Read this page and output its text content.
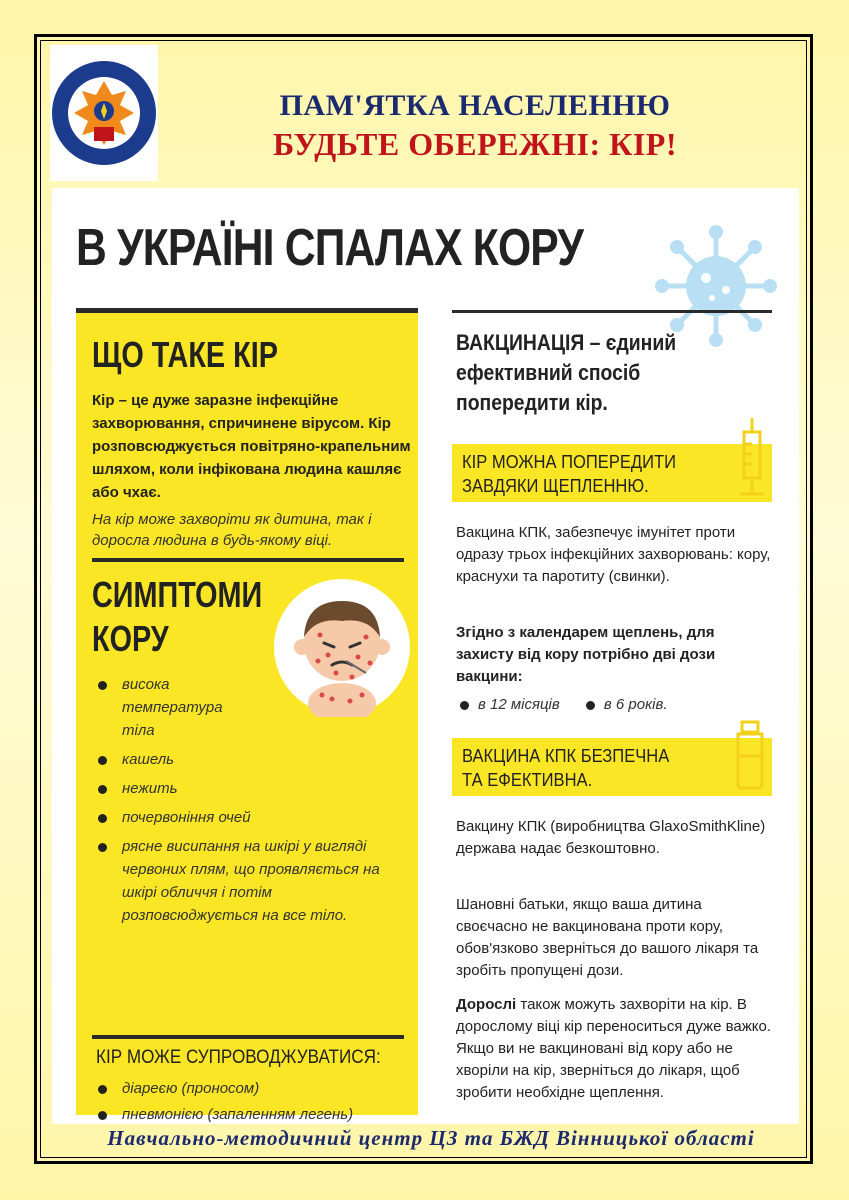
ПАМ'ЯТКА НАСЕЛЕННЮ
БУДЬТЕ ОБЕРЕЖНІ: КІР!
В УКРАЇНІ СПАЛАХ КОРУ
ЩО ТАКЕ КІР
Кір – це дуже заразне інфекційне захворювання, спричинене вірусом. Кір розповсюджується повітряно-крапельним шляхом, коли інфікована людина кашляє або чхає.
На кір може захворіти як дитина, так і доросла людина в будь-якому віці.
СИМПТОМИ
КОРУ
висока температура тіла
кашель
нежить
почервоніння очей
рясне висипання на шкірі у вигляді червоних плям, що проявляється на шкірі обличчя і потім розповсюджується на все тіло.
КІР МОЖЕ СУПРОВОДЖУВАТИСЯ:
діареєю (проносом)
пневмонією (запаленням легень)
ВАКЦИНАЦІЯ – єдиний ефективний спосіб попередити кір.
КІР МОЖНА ПОПЕРЕДИТИ
ЗАВДЯКИ ЩЕПЛЕННЮ.
Вакцина КПК, забезпечує імунітет проти одразу трьох інфекційних захворювань: кору, краснухи та паротиту (свинки).
Згідно з календарем щеплень, для захисту від кору потрібно дві дози вакцини:
в 12 місяців	в 6 років.
ВАКЦИНА КПК БЕЗПЕЧНА
ТА ЕФЕКТИВНА.
Вакцину КПК (виробництва GlaxoSmithKline) держава надає безкоштовно.
Шановні батьки, якщо ваша дитина своєчасно не вакцинована проти кору, обов'язково зверніться до вашого лікаря та зробіть пропущені дози.
Дорослі також можуть захворіти на кір. В дорослому віці кір переноситься дуже важко. Якщо ви не вакциновані від кору або не хворіли на кір, зверніться до лікаря, щоб зробити необхідне щеплення.
Навчально-методичний центр ЦЗ та БЖД Вінницької області
